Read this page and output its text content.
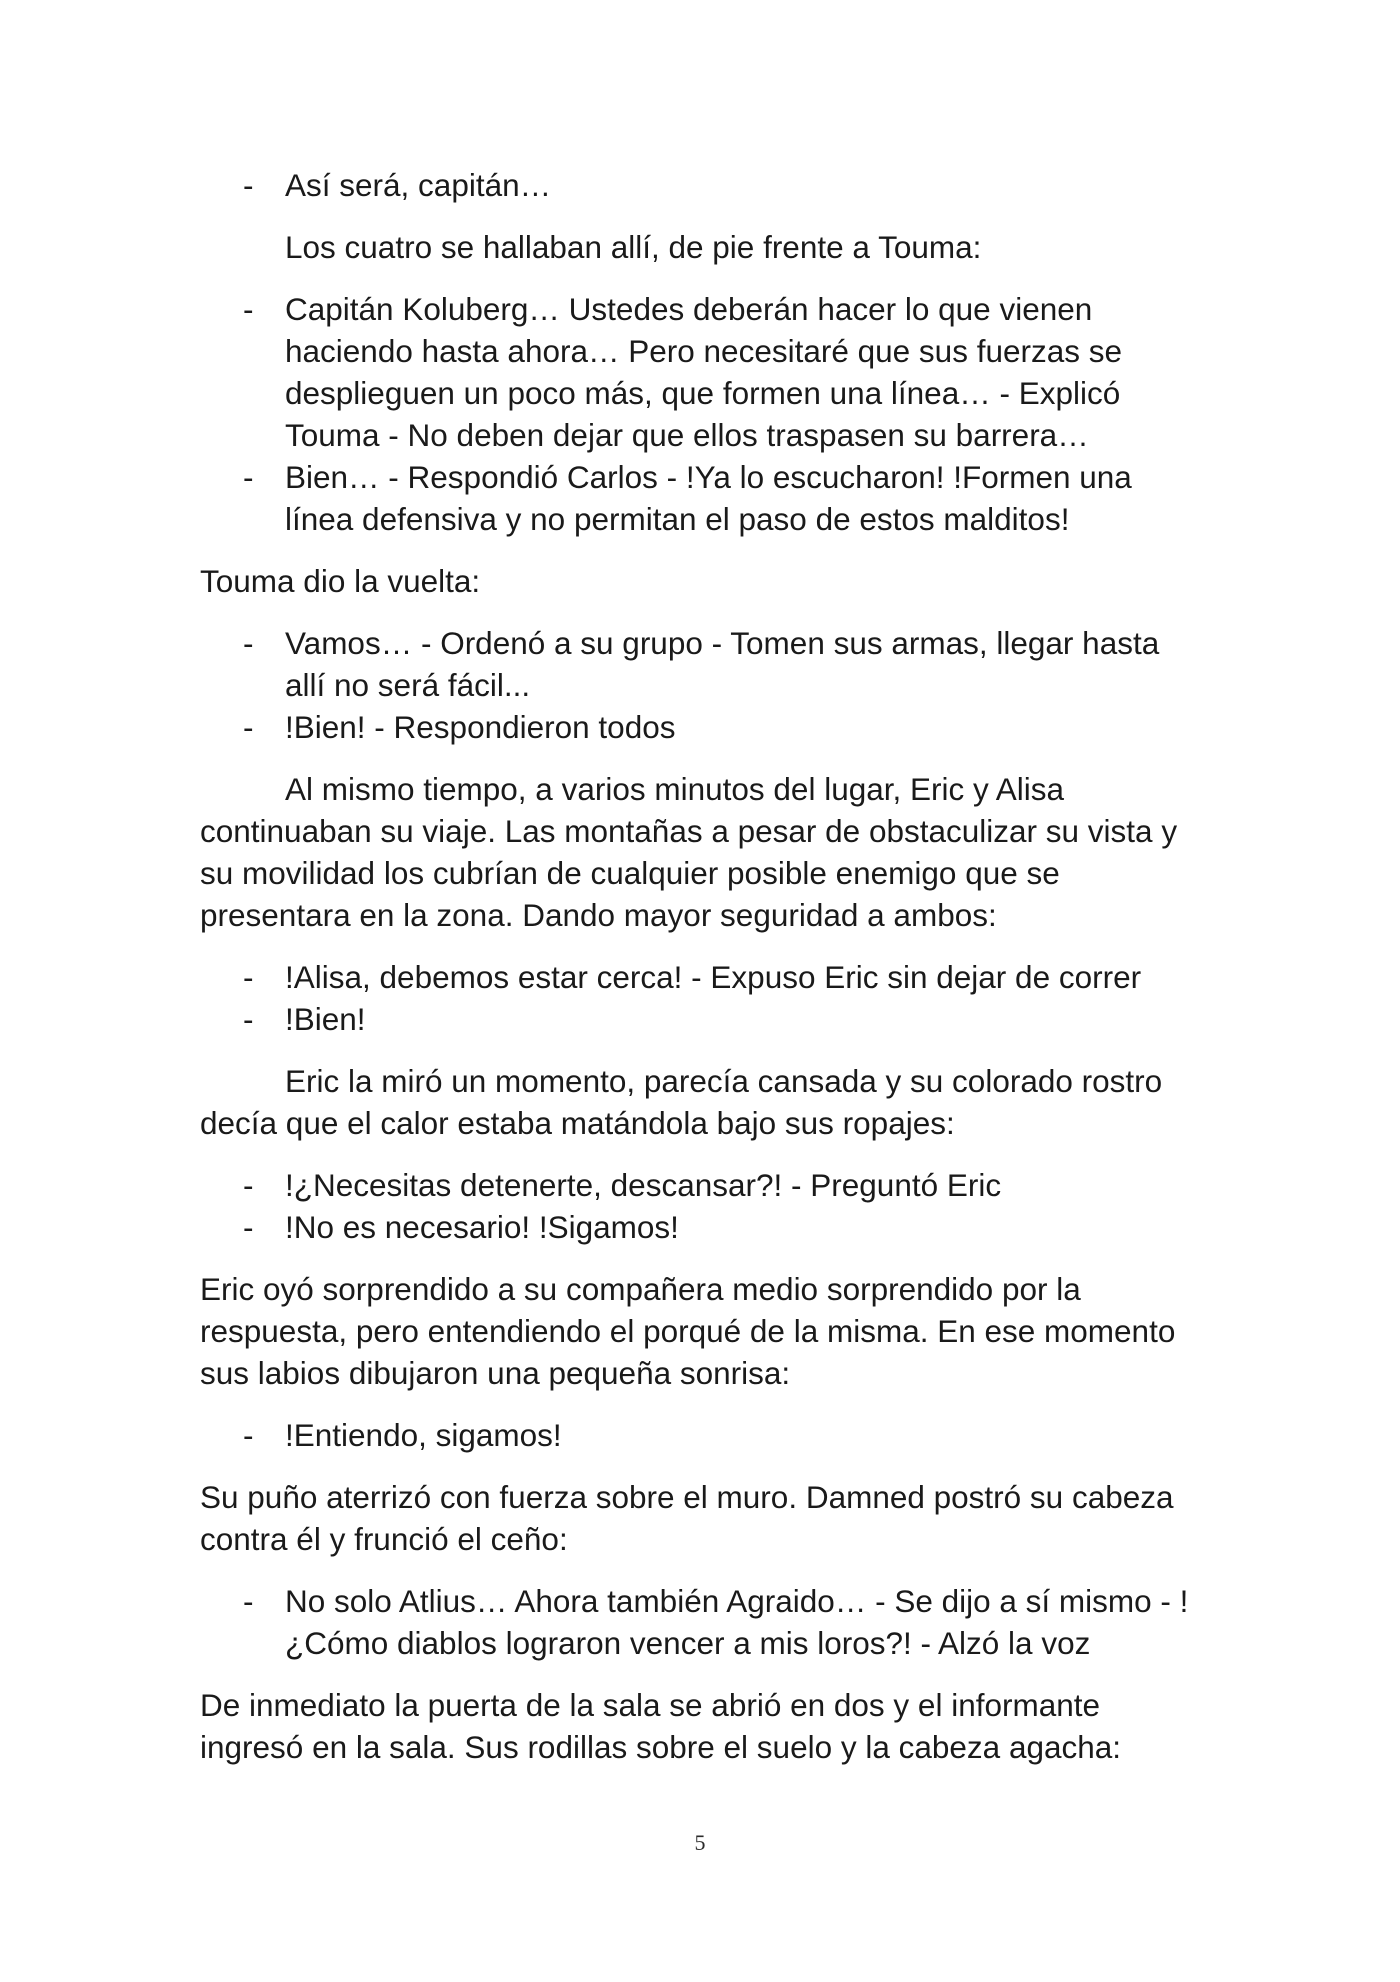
- Así será, capitán…

Los cuatro se hallaban allí, de pie frente a Touma:

- Capitán Koluberg… Ustedes deberán hacer lo que vienen haciendo hasta ahora… Pero necesitaré que sus fuerzas se desplieguen un poco más, que formen una línea… - Explicó Touma - No deben dejar que ellos traspasen su barrera…
- Bien… - Respondió Carlos - !Ya lo escucharon! !Formen una línea defensiva y no permitan el paso de estos malditos!

Touma dio la vuelta:

- Vamos… - Ordenó a su grupo - Tomen sus armas, llegar hasta allí no será fácil...
- !Bien! - Respondieron todos

Al mismo tiempo, a varios minutos del lugar, Eric y Alisa continuaban su viaje. Las montañas a pesar de obstaculizar su vista y su movilidad los cubrían de cualquier posible enemigo que se presentara en la zona. Dando mayor seguridad a ambos:

- !Alisa, debemos estar cerca! - Expuso Eric sin dejar de correr
- !Bien!

Eric la miró un momento, parecía cansada y su colorado rostro decía que el calor estaba matándola bajo sus ropajes:

- !¿Necesitas detenerte, descansar?! - Preguntó Eric
- !No es necesario! !Sigamos!

Eric oyó sorprendido a su compañera medio sorprendido por la respuesta, pero entendiendo el porqué de la misma. En ese momento sus labios dibujaron una pequeña sonrisa:

- !Entiendo, sigamos!

Su puño aterrizó con fuerza sobre el muro. Damned postró su cabeza contra él y frunció el ceño:

- No solo Atlius… Ahora también Agraido… - Se dijo a sí mismo - !¿Cómo diablos lograron vencer a mis loros?! - Alzó la voz

De inmediato la puerta de la sala se abrió en dos y el informante ingresó en la sala. Sus rodillas sobre el suelo y la cabeza agacha:

5
